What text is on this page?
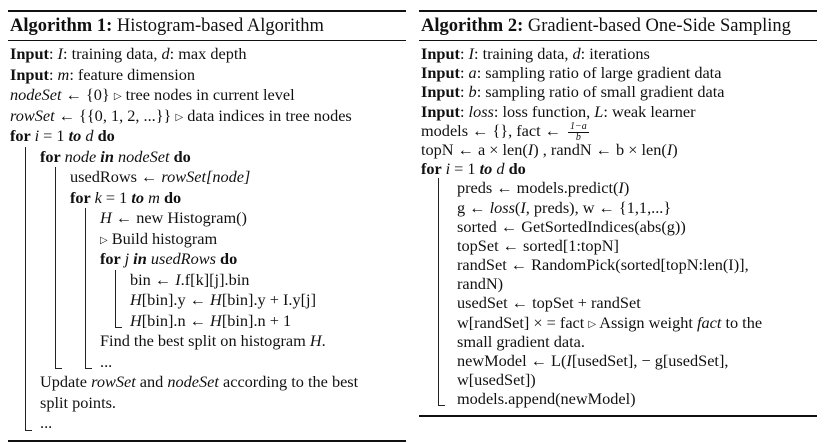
Algorithm 1: Histogram-based Algorithm
Input: I: training data, d: max depth
Input: m: feature dimension
nodeSet ← {0} ▷ tree nodes in current level
rowSet ← {{0, 1, 2, ...}} ▷ data indices in tree nodes
for i = 1 to d do
for node in nodeSet do
usedRows ← rowSet[node]
for k = 1 to m do
H ← new Histogram()
▷ Build histogram
for j in usedRows do
bin ← I.f[k][j].bin
H[bin].y ← H[bin].y + I.y[j]
H[bin].n ← H[bin].n + 1
Find the best split on histogram H.
...
Update rowSet and nodeSet according to the best
split points.
...
Algorithm 2: Gradient-based One-Side Sampling
Input: I: training data, d: iterations
Input: a: sampling ratio of large gradient data
Input: b: sampling ratio of small gradient data
Input: loss: loss function, L: weak learner
models ← {}, fact ← $\frac{1-a}{b}$
topN ← a × len(I) , randN ← b × len(I)
for i = 1 to d do
preds ← models.predict(I)
g ← loss(I, preds), w ← {1,1,...}
sorted ← GetSortedIndices(abs(g))
topSet ← sorted[1:topN]
randSet ← RandomPick(sorted[topN:len(I)],
randN)
usedSet ← topSet + randSet
w[randSet] × = fact ▷ Assign weight fact to the
small gradient data.
newModel ← L(I[usedSet], − g[usedSet],
w[usedSet])
models.append(newModel)
